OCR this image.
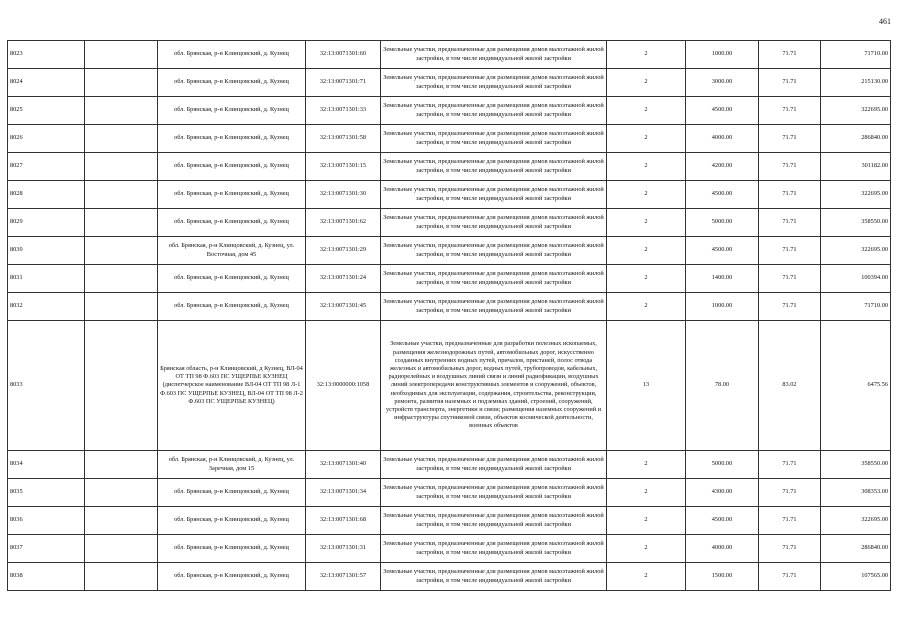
461
8023		обл. Брянская, р-н Клинцовский, д. Кузнец	32:13:0071301:60	Земельные участки, предназначенные для размещения домов малоэтажной жилой застройки, в том числе индивидуальной жилой застройки	2	1000.00	71.71	71710.00
8024		обл. Брянская, р-н Клинцовский, д. Кузнец	32:13:0071301:71	Земельные участки, предназначенные для размещения домов малоэтажной жилой застройки, в том числе индивидуальной жилой застройки	2	3000.00	71.71	215130.00
8025		обл. Брянская, р-н Клинцовский, д. Кузнец	32:13:0071301:33	Земельные участки, предназначенные для размещения домов малоэтажной жилой застройки, в том числе индивидуальной жилой застройки	2	4500.00	71.71	322695.00
8026		обл. Брянская, р-н Клинцовский, д. Кузнец	32:13:0071301:58	Земельные участки, предназначенные для размещения домов малоэтажной жилой застройки, в том числе индивидуальной жилой застройки	2	4000.00	71.71	286840.00
8027		обл. Брянская, р-н Клинцовский, д. Кузнец	32:13:0071301:15	Земельные участки, предназначенные для размещения домов малоэтажной жилой застройки, в том числе индивидуальной жилой застройки	2	4200.00	71.71	301182.00
8028		обл. Брянская, р-н Клинцовский, д. Кузнец	32:13:0071301:30	Земельные участки, предназначенные для размещения домов малоэтажной жилой застройки, в том числе индивидуальной жилой застройки	2	4500.00	71.71	322695.00
8029		обл. Брянская, р-н Клинцовский, д. Кузнец	32:13:0071301:62	Земельные участки, предназначенные для размещения домов малоэтажной жилой застройки, в том числе индивидуальной жилой застройки	2	5000.00	71.71	358550.00
8030		обл. Брянская, р-н Клинцовский, д. Кузнец, ул. Восточная, дом 45	32:13:0071301:29	Земельные участки, предназначенные для размещения домов малоэтажной жилой застройки, в том числе индивидуальной жилой застройки	2	4500.00	71.71	322695.00
8031		обл. Брянская, р-н Клинцовский, д. Кузнец	32:13:0071301:24	Земельные участки, предназначенные для размещения домов малоэтажной жилой застройки, в том числе индивидуальной жилой застройки	2	1400.00	71.71	100394.00
8032		обл. Брянская, р-н Клинцовский, д. Кузнец	32:13:0071301:45	Земельные участки, предназначенные для размещения домов малоэтажной жилой застройки, в том числе индивидуальной жилой застройки	2	1000.00	71.71	71710.00
8033		Брянская область, р-н Клинцовский, д Кузнец, ВЛ-04 ОТ ТП 98 Ф.603 ПС УЩЕРПЬЕ КУЗНЕЦ (диспетчерское наименование ВЛ-04 ОТ ТП 98 Л-1 Ф.603 ПС УЩЕРПЬЕ КУЗНЕЦ, ВЛ-04 ОТ ТП 98 Л-2 Ф.603 ПС УЩЕРПЬЕ КУЗНЕЦ)	32:13:0000000:1058	Земельные участки, предназначенные для разработки полезных ископаемых, размещения железнодорожных путей, автомобильных дорог, искусственно созданных внутренних водных путей, причалов, пристаней, полос отвода железных и автомобильных дорог, водных путей, трубопроводов, кабельных, радиорелейных и воздушных линий связи и линий радиофикации, воздушных линий электропередачи конструктивных элементов и сооружений, объектов, необходимых для эксплуатации, содержания, строительства, реконструкции, ремонта, развития наземных и подземных зданий, строений, сооружений, устройств транспорта, энергетики и связи; размещения наземных сооружений и инфраструктуры спутниковой связи, объектов космической деятельности, военных объектов	13	78.00	83.02	6475.56
8034		обл. Брянская, р-н Клинцовский, д. Кузнец, ул. Заречная, дом 15	32:13:0071301:40	Земельные участки, предназначенные для размещения домов малоэтажной жилой застройки, в том числе индивидуальной жилой застройки	2	5000.00	71.71	358550.00
8035		обл. Брянская, р-н Клинцовский, д. Кузнец	32:13:0071301:34	Земельные участки, предназначенные для размещения домов малоэтажной жилой застройки, в том числе индивидуальной жилой застройки	2	4300.00	71.71	308353.00
8036		обл. Брянская, р-н Клинцовский, д. Кузнец	32:13:0071301:68	Земельные участки, предназначенные для размещения домов малоэтажной жилой застройки, в том числе индивидуальной жилой застройки	2	4500.00	71.71	322695.00
8037		обл. Брянская, р-н Клинцовский, д. Кузнец	32:13:0071301:31	Земельные участки, предназначенные для размещения домов малоэтажной жилой застройки, в том числе индивидуальной жилой застройки	2	4000.00	71.71	286840.00
8038		обл. Брянская, р-н Клинцовский, д. Кузнец	32:13:0071301:57	Земельные участки, предназначенные для размещения домов малоэтажной жилой застройки, в том числе индивидуальной жилой застройки	2	1500.00	71.71	107565.00
